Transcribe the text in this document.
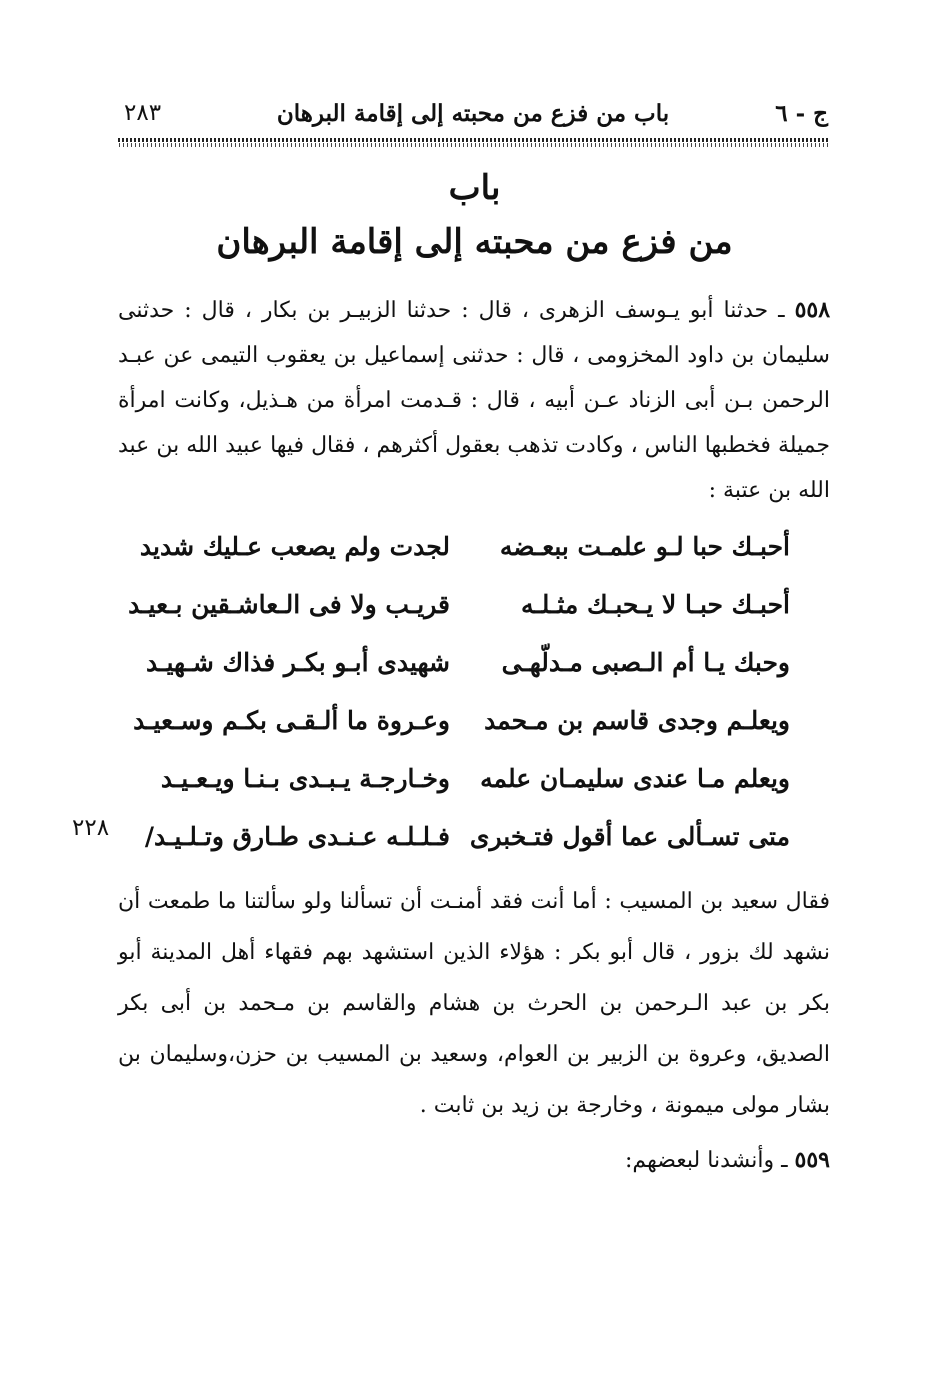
ج - ٦
باب من فزع من محبته إلى إقامة البرهان
٢٨٣
باب
من فزع من محبته إلى إقامة البرهان
٥٥٨ ـ حدثنا أبو يـوسف الزهرى ، قال : حدثنا الزبيـر بن بكار ، قال : حدثنى سليمان بن داود المخزومى ، قال : حدثنى إسماعيل بن يعقوب التيمى عن عبـد الرحمن بـن أبى الزناد عـن أبيه ، قال : قـدمت امرأة من هـذيل، وكانت امرأة جميلة فخطبها الناس ، وكادت تذهب بعقول أكثرهم ، فقال فيها عبيد الله بن عبد الله بن عتبة :
أحبـك حبا لـو علمـت ببعـضه
لجدت ولم يصعب عـليك شديد
أحبـك حبـا لا يـحبـك مثـلـه
قريـب ولا فى الـعاشـقين بـعيـد
وحبك يـا أم الـصبى مـدلّهـى
شهيدى أبـو بكـر فذاك شـهيـد
ويعلـم وجدى قاسم بن مـحمد
وعـروة ما ألـقـى بكـم وسـعيـد
ويعلم مـا عندى سليمـان علمه
وخـارجـة يـبـدى بـنـا ويـعـيـد
متى تسـألى عما أقول فتـخبرى
فـلـلـه عـنـدى طـارق وتـلـيـد/
٢٢٨
فقال سعيد بن المسيب : أما أنت فقد أمنـت أن تسألنا ولو سألتنا ما طمعت أن نشهد لك بزور ، قال أبو بكر : هؤلاء الذين استشهد بهم فقهاء أهل المدينة أبو بكر بن عبد الـرحمن بن الحرث بن هشام والقاسم بن مـحمد بن أبى بكر الصديق، وعروة بن الزبير بن العوام، وسعيد بن المسيب بن حزن،وسليمان بن بشار مولى ميمونة ، وخارجة بن زيد بن ثابت .
٥٥٩ ـ وأنشدنا لبعضهم:
